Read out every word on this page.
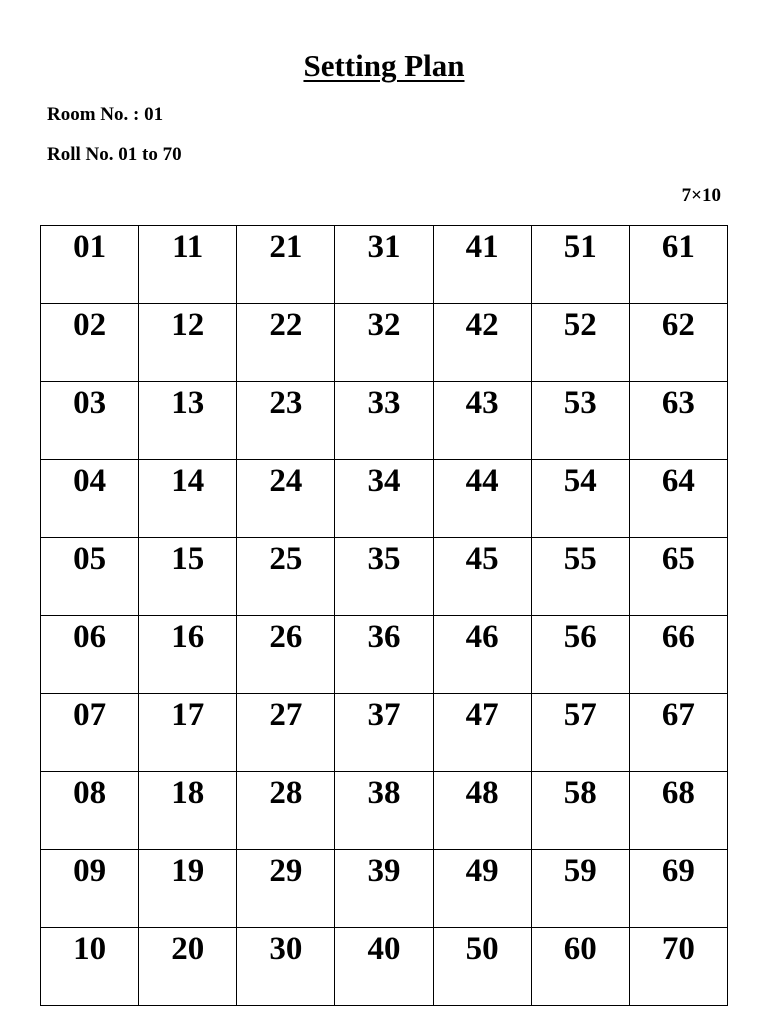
Setting Plan
Room No. : 01
Roll No. 01 to 70
7×10
01	11	21	31	41	51	61
02	12	22	32	42	52	62
03	13	23	33	43	53	63
04	14	24	34	44	54	64
05	15	25	35	45	55	65
06	16	26	36	46	56	66
07	17	27	37	47	57	67
08	18	28	38	48	58	68
09	19	29	39	49	59	69
10	20	30	40	50	60	70
